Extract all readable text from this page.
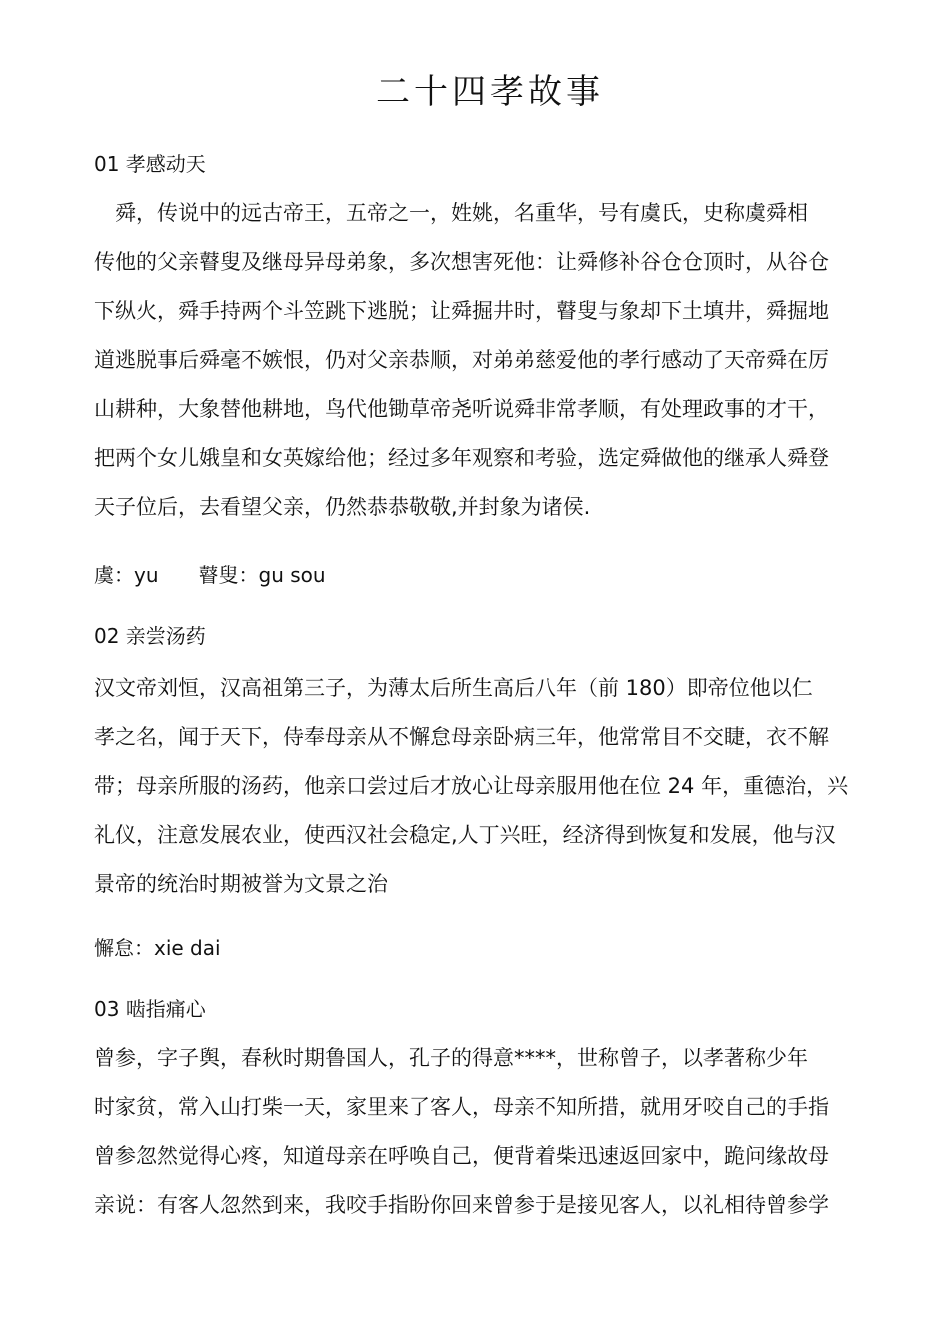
二十四孝故事
01 孝感动天
　舜，传说中的远古帝王，五帝之一，姓姚，名重华，号有虞氏，史称虞舜相
传他的父亲瞽叟及继母异母弟象，多次想害死他：让舜修补谷仓仓顶时，从谷仓
下纵火，舜手持两个斗笠跳下逃脱；让舜掘井时，瞽叟与象却下土填井，舜掘地
道逃脱事后舜毫不嫉恨，仍对父亲恭顺，对弟弟慈爱他的孝行感动了天帝舜在厉
山耕种，大象替他耕地，鸟代他锄草帝尧听说舜非常孝顺，有处理政事的才干，
把两个女儿娥皇和女英嫁给他；经过多年观察和考验，选定舜做他的继承人舜登
天子位后，去看望父亲，仍然恭恭敬敬,并封象为诸侯.
虞：yu　　瞽叟：gu sou
02 亲尝汤药
汉文帝刘恒，汉高祖第三子，为薄太后所生高后八年（前 180）即帝位他以仁
孝之名，闻于天下，侍奉母亲从不懈怠母亲卧病三年，他常常目不交睫，衣不解
带；母亲所服的汤药，他亲口尝过后才放心让母亲服用他在位 24 年，重德治，兴
礼仪，注意发展农业，使西汉社会稳定,人丁兴旺，经济得到恢复和发展，他与汉
景帝的统治时期被誉为文景之治
懈怠：xie dai
03 啮指痛心
曾参，字子舆，春秋时期鲁国人，孔子的得意****，世称曾子，以孝著称少年
时家贫，常入山打柴一天，家里来了客人，母亲不知所措，就用牙咬自己的手指
曾参忽然觉得心疼，知道母亲在呼唤自己，便背着柴迅速返回家中，跪问缘故母
亲说：有客人忽然到来，我咬手指盼你回来曾参于是接见客人，以礼相待曾参学
